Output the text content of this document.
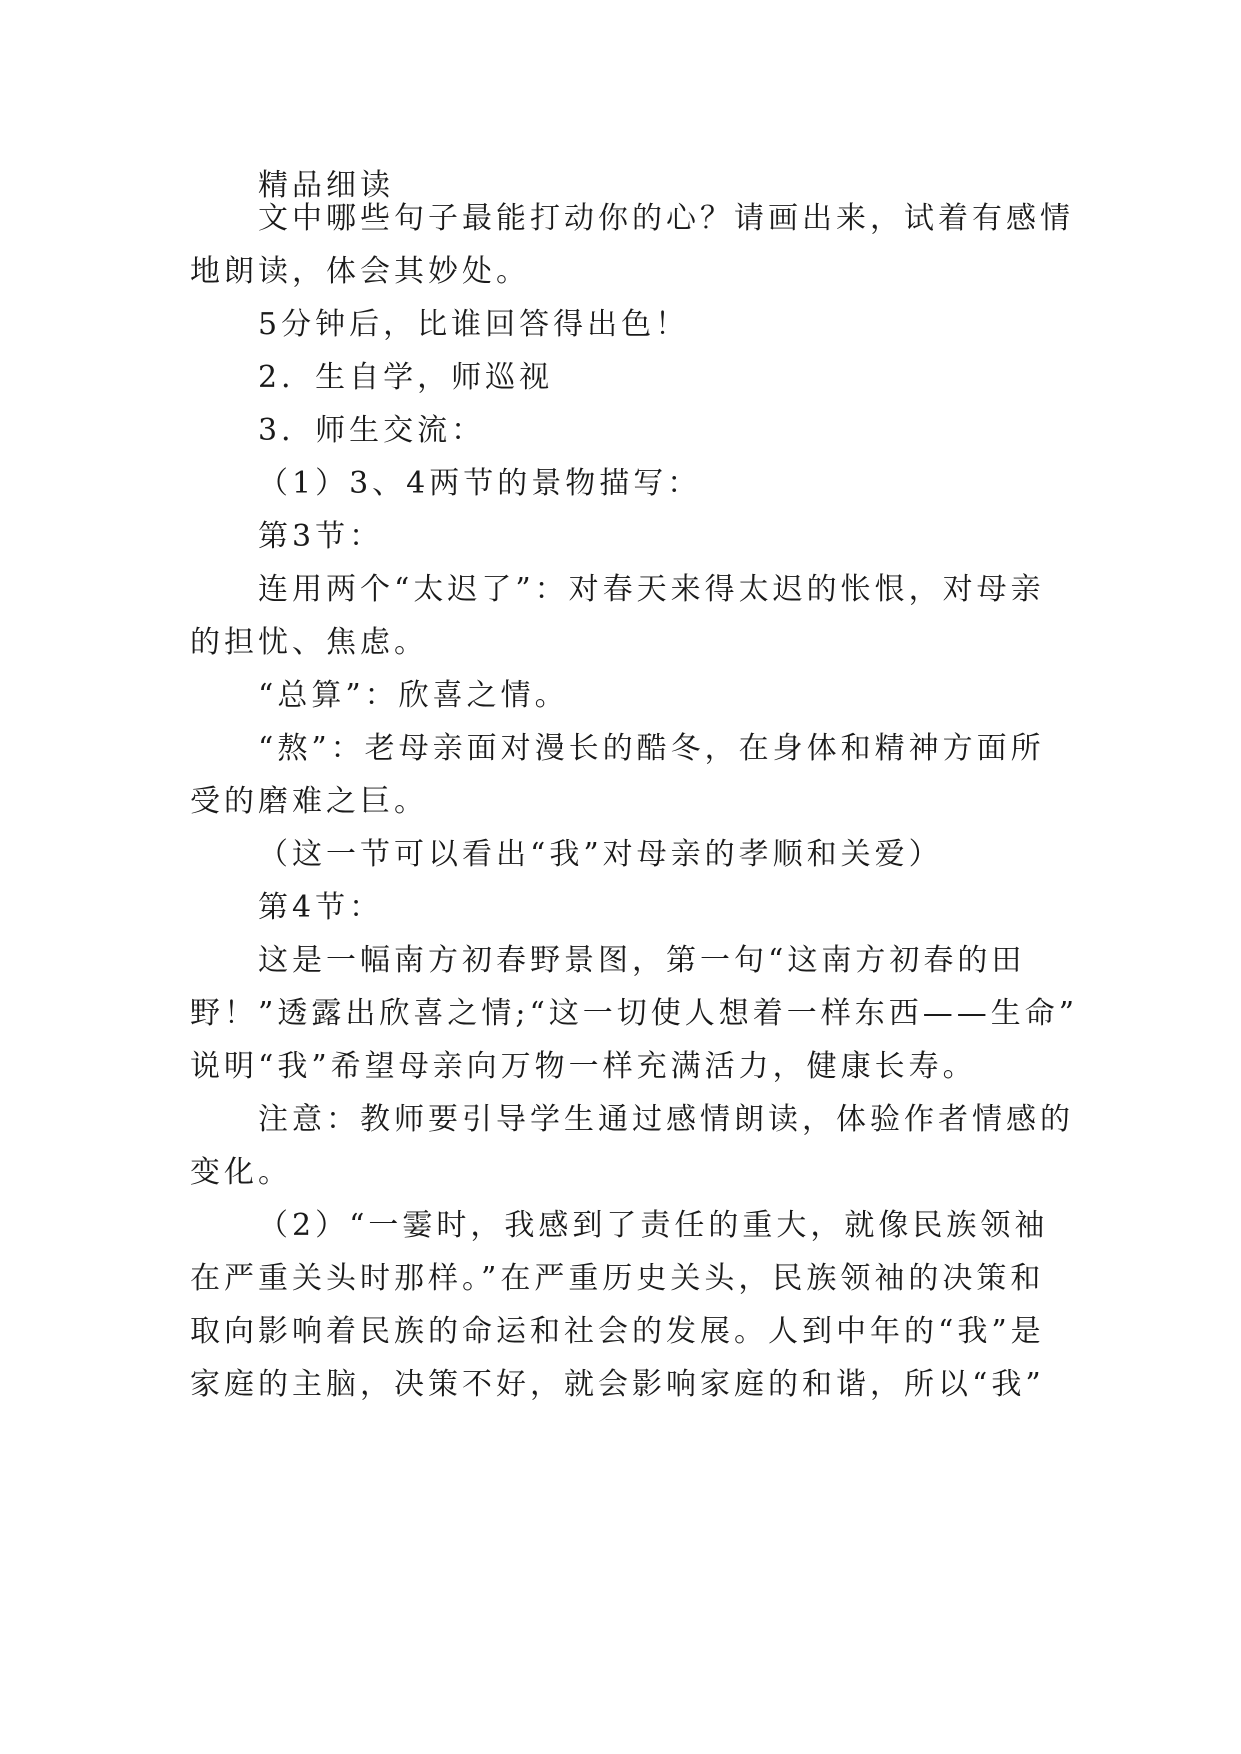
精品细读
文中哪些句子最能打动你的心？请画出来，试着有感情
地朗读，体会其妙处。
5分钟后，比谁回答得出色！
2．生自学，师巡视
3．师生交流：
（1）3、4两节的景物描写：
第3节：
连用两个“太迟了”：对春天来得太迟的怅恨，对母亲
的担忧、焦虑。
“总算”：欣喜之情。
“熬”：老母亲面对漫长的酷冬，在身体和精神方面所
受的磨难之巨。
（这一节可以看出“我”对母亲的孝顺和关爱）
第4节：
这是一幅南方初春野景图，第一句“这南方初春的田
野！”透露出欣喜之情;“这一切使人想着一样东西——生命”
说明“我”希望母亲向万物一样充满活力，健康长寿。
注意：教师要引导学生通过感情朗读，体验作者情感的
变化。
（2）“一霎时，我感到了责任的重大，就像民族领袖
在严重关头时那样。”在严重历史关头，民族领袖的决策和
取向影响着民族的命运和社会的发展。人到中年的“我”是
家庭的主脑，决策不好，就会影响家庭的和谐，所以“我”
